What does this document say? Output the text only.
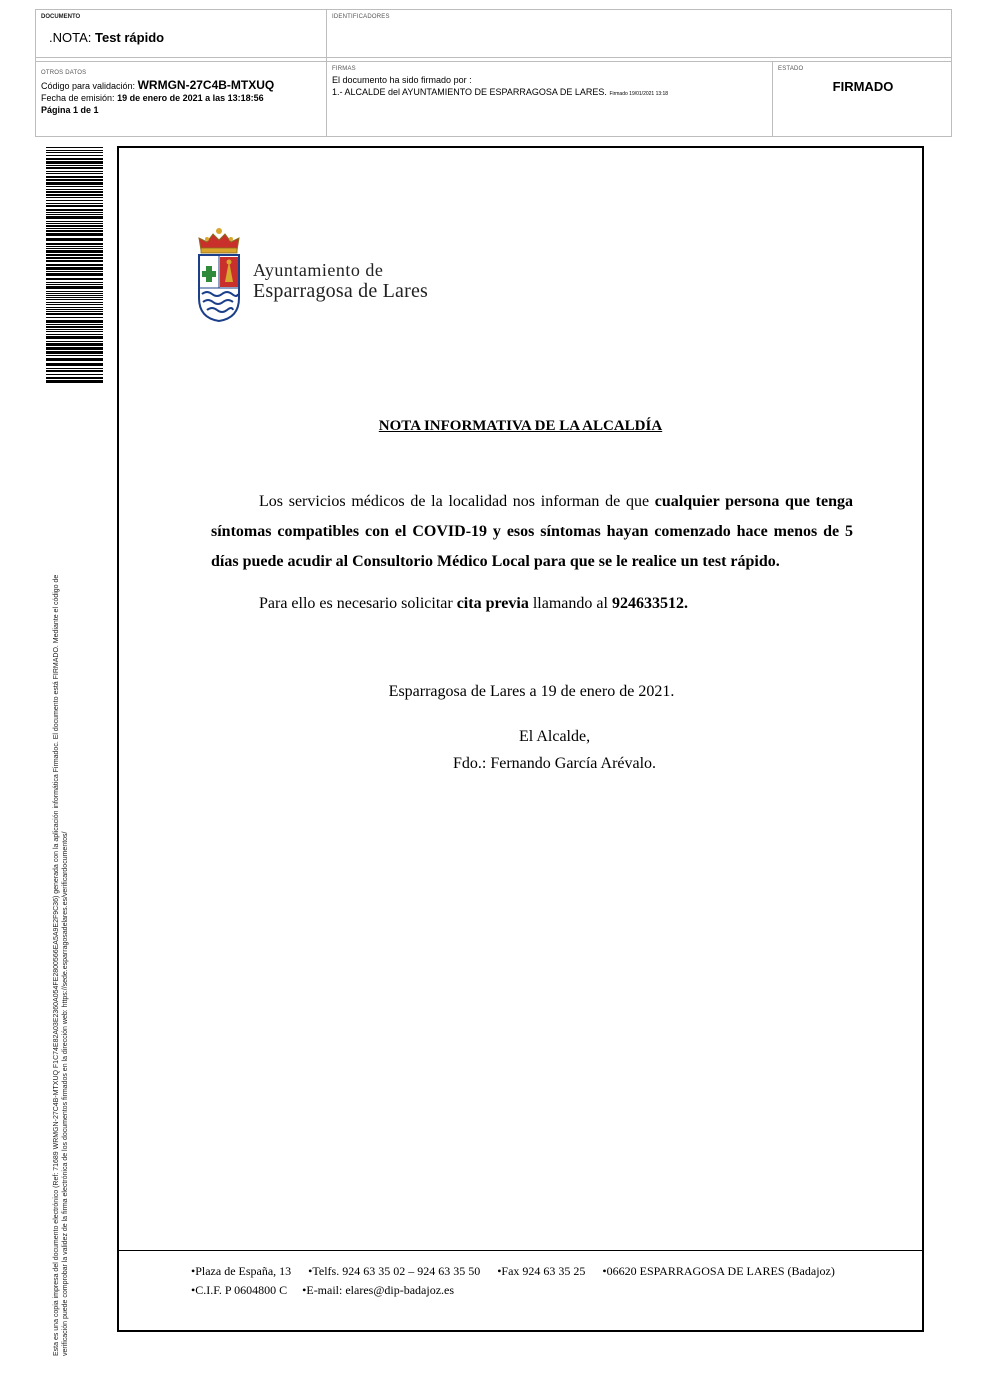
DOCUMENTO
.NOTA: Test rápido
IDENTIFICADORES
OTROS DATOS
Código para validación: WRMGN-27C4B-MTXUQ
Fecha de emisión: 19 de enero de 2021 a las 13:18:56
Página 1 de 1
FIRMAS
El documento ha sido firmado por :
1.- ALCALDE del AYUNTAMIENTO DE ESPARRAGOSA DE LARES. Firmado 19/01/2021 13:18
ESTADO
FIRMADO
Esta es una copia impresa del documento electrónico (Ref: 71689 WRMGN-27C4B-MTXUQ F1C74E82A03E2360A054FE2800566EA5A9E2F9C36) generada con la aplicación informática Firmadoc. El documento está FIRMADO. Mediante el código de verificación puede comprobar la validez de la firma electrónica de los documentos firmados en la dirección web: https://sede.esparragosadelares.es/verificardocumentos/
Ayuntamiento de
Esparragosa de Lares
NOTA INFORMATIVA DE LA ALCALDÍA
Los servicios médicos de la localidad nos informan de que cualquier persona que tenga síntomas compatibles con el COVID-19 y esos síntomas hayan comenzado hace menos de 5 días puede acudir al Consultorio Médico Local para que se le realice un test rápido.
Para ello es necesario solicitar cita previa llamando al 924633512.
Esparragosa de Lares a 19 de enero de 2021.
El Alcalde,
Fdo.: Fernando García Arévalo.
•Plaza de España, 13 •Telfs. 924 63 35 02 – 924 63 35 50 •Fax 924 63 35 25 •06620 ESPARRAGOSA DE LARES (Badajoz)
•C.I.F. P 0604800 C •E-mail: elares@dip-badajoz.es
